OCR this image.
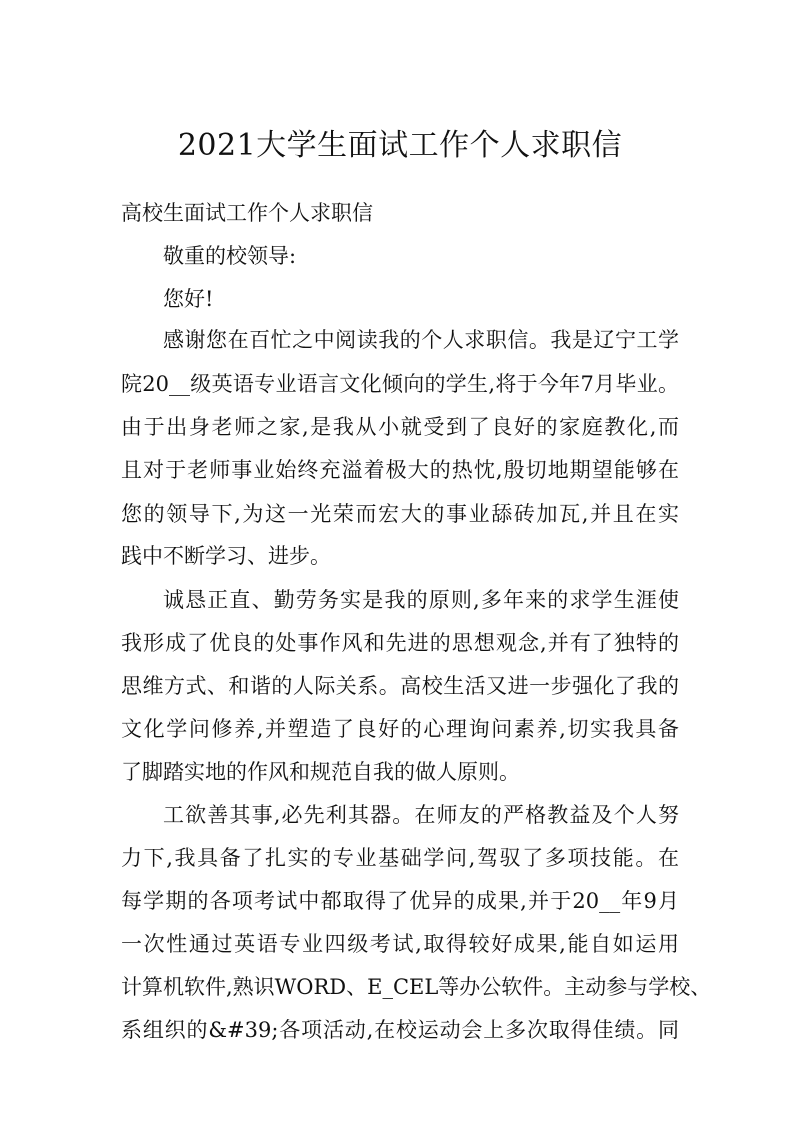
2021大学生面试工作个人求职信

高校生面试工作个人求职信

敬重的校领导:

您好!

感谢您在百忙之中阅读我的个人求职信。我是辽宁工学

院20__级英语专业语言文化倾向的学生,将于今年7月毕业。

由于出身老师之家,是我从小就受到了良好的家庭教化,而

且对于老师事业始终充溢着极大的热忱,殷切地期望能够在

您的领导下,为这一光荣而宏大的事业舔砖加瓦,并且在实

践中不断学习、进步。

诚恳正直、勤劳务实是我的原则,多年来的求学生涯使

我形成了优良的处事作风和先进的思想观念,并有了独特的

思维方式、和谐的人际关系。高校生活又进一步强化了我的

文化学问修养,并塑造了良好的心理询问素养,切实我具备

了脚踏实地的作风和规范自我的做人原则。

工欲善其事,必先利其器。在师友的严格教益及个人努

力下,我具备了扎实的专业基础学问,驾驭了多项技能。在

每学期的各项考试中都取得了优异的成果,并于20__年9月

一次性通过英语专业四级考试,取得较好成果,能自如运用

计算机软件,熟识WORD、E_CEL等办公软件。主动参与学校、

系组织的&#39;各项活动,在校运动会上多次取得佳绩。同
